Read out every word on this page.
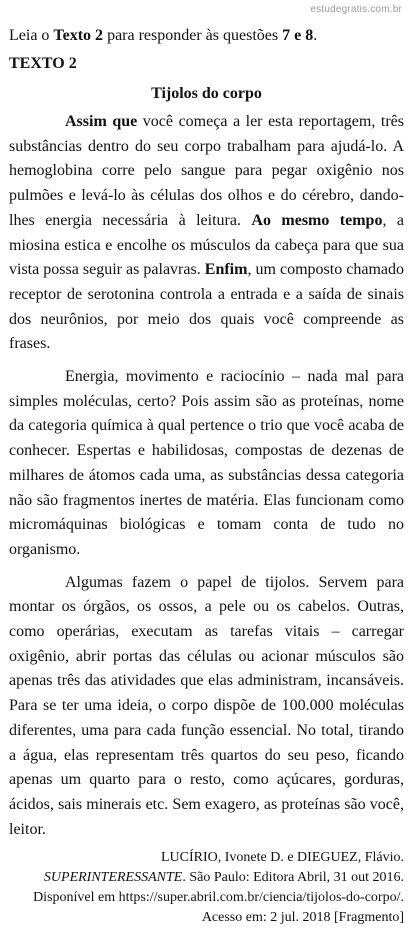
estudegratis.com.br

Leia o Texto 2 para responder às questões 7 e 8.

TEXTO 2

Tijolos do corpo

Assim que você começa a ler esta reportagem, três substâncias dentro do seu corpo trabalham para ajudá-lo. A hemoglobina corre pelo sangue para pegar oxigênio nos pulmões e levá-lo às células dos olhos e do cérebro, dando-lhes energia necessária à leitura. Ao mesmo tempo, a miosina estica e encolhe os músculos da cabeça para que sua vista possa seguir as palavras. Enfim, um composto chamado receptor de serotonina controla a entrada e a saída de sinais dos neurônios, por meio dos quais você compreende as frases.

Energia, movimento e raciocínio – nada mal para simples moléculas, certo? Pois assim são as proteínas, nome da categoria química à qual pertence o trio que você acaba de conhecer. Espertas e habilidosas, compostas de dezenas de milhares de átomos cada uma, as substâncias dessa categoria não são fragmentos inertes de matéria. Elas funcionam como micromáquinas biológicas e tomam conta de tudo no organismo.

Algumas fazem o papel de tijolos. Servem para montar os órgãos, os ossos, a pele ou os cabelos. Outras, como operárias, executam as tarefas vitais – carregar oxigênio, abrir portas das células ou acionar músculos são apenas três das atividades que elas administram, incansáveis. Para se ter uma ideia, o corpo dispõe de 100.000 moléculas diferentes, uma para cada função essencial. No total, tirando a água, elas representam três quartos do seu peso, ficando apenas um quarto para o resto, como açúcares, gorduras, ácidos, sais minerais etc. Sem exagero, as proteínas são você, leitor.

LUCÍRIO, Ivonete D. e DIEGUEZ, Flávio.
SUPERINTERESSANTE. São Paulo: Editora Abril, 31 out 2016.
Disponível em https://super.abril.com.br/ciencia/tijolos-do-corpo/.
Acesso em: 2 jul. 2018 [Fragmento]
